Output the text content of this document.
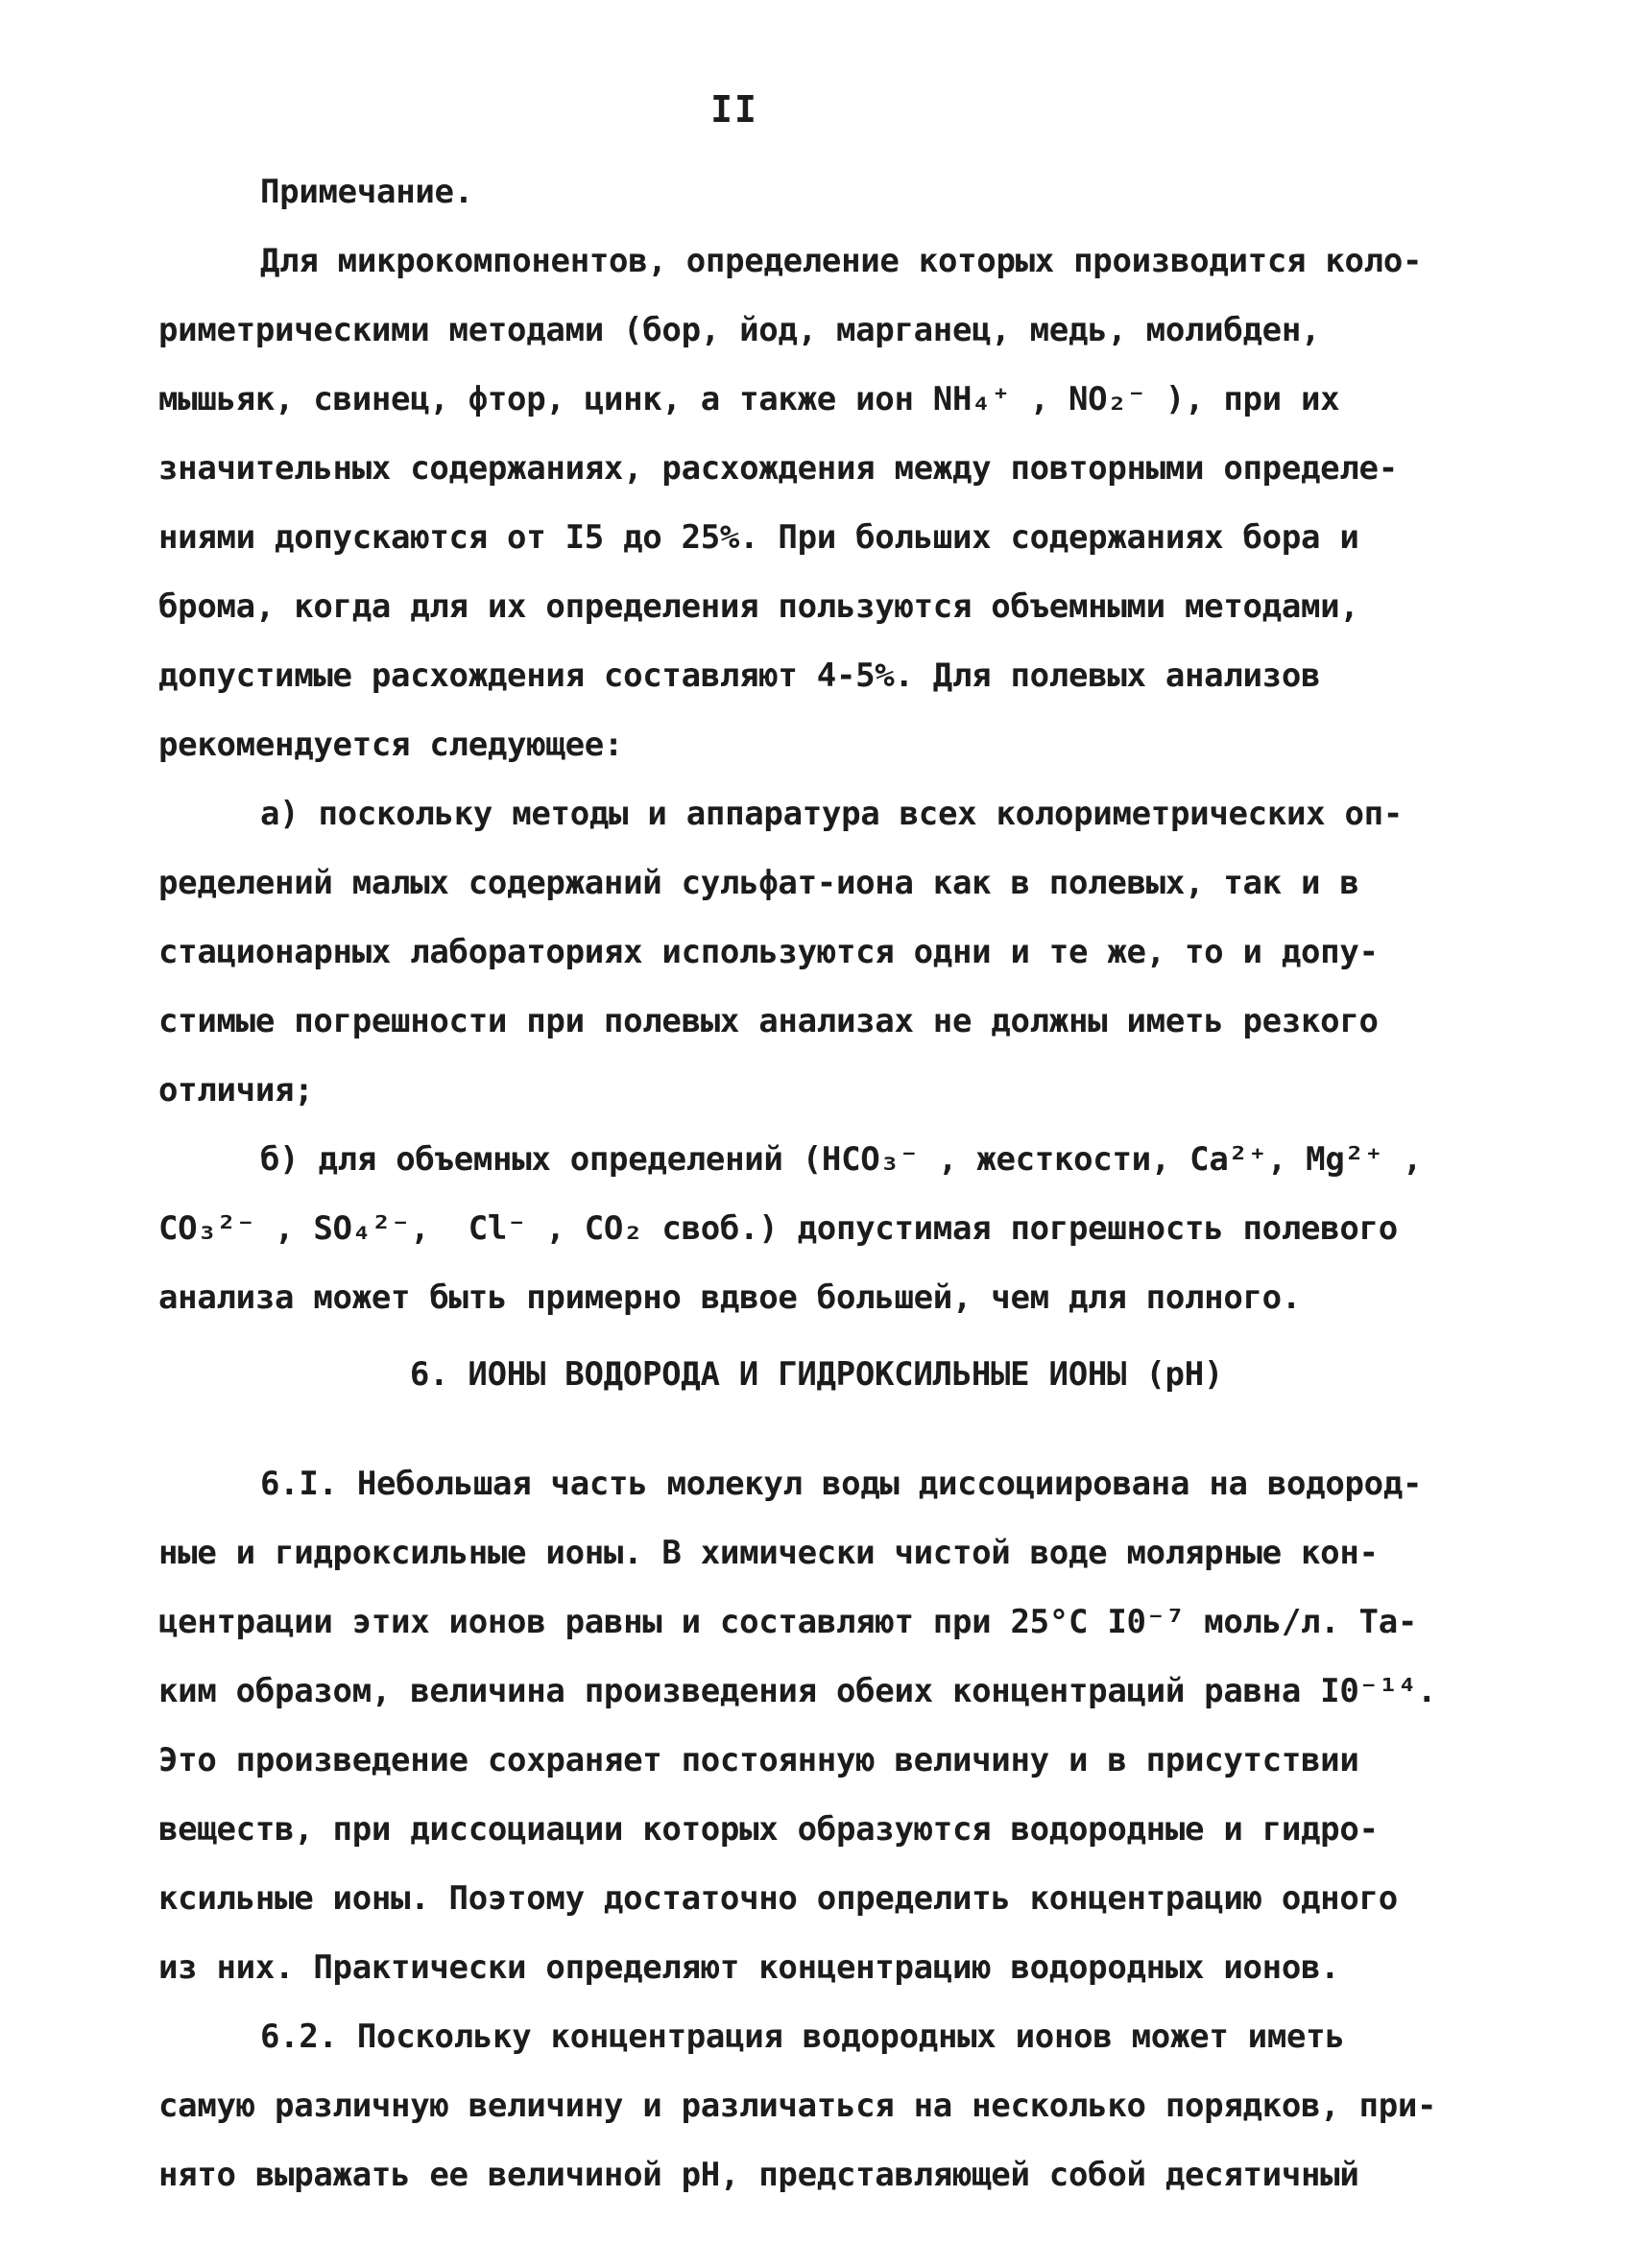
II
Примечание.
Для микрокомпонентов, определение которых производится коло-
риметрическими методами (бор, йод, марганец, медь, молибден,
мышьяк, свинец, фтор, цинк, а также ион NH₄⁺ , NO₂⁻ ), при их
значительных содержаниях, расхождения между повторными определе-
ниями допускаются от I5 до 25%. При больших содержаниях бора и
брома, когда для их определения пользуются объемными методами,
допустимые расхождения составляют 4-5%. Для полевых анализов
рекомендуется следующее:
а) поскольку методы и аппаратура всех колориметрических оп-
ределений малых содержаний сульфат-иона как в полевых, так и в
стационарных лабораториях используются одни и те же, то и допу-
стимые погрешности при полевых анализах не должны иметь резкого
отличия;
б) для объемных определений (HCO₃⁻ , жесткости, Ca²⁺, Mg²⁺ ,
CO₃²⁻ , SO₄²⁻,  Cl⁻ , CO₂ своб.) допустимая погрешность полевого
анализа может быть примерно вдвое большей, чем для полного.
6. ИОНЫ ВОДОРОДА И ГИДРОКСИЛЬНЫЕ ИОНЫ (pH)
6.I. Небольшая часть молекул воды диссоциирована на водород-
ные и гидроксильные ионы. В химически чистой воде молярные кон-
центрации этих ионов равны и составляют при 25°C I0⁻⁷ моль/л. Та-
ким образом, величина произведения обеих концентраций равна I0⁻¹⁴.
Это произведение сохраняет постоянную величину и в присутствии
веществ, при диссоциации которых образуются водородные и гидро-
ксильные ионы. Поэтому достаточно определить концентрацию одного
из них. Практически определяют концентрацию водородных ионов.
6.2. Поскольку концентрация водородных ионов может иметь
самую различную величину и различаться на несколько порядков, при-
нято выражать ее величиной pH, представляющей собой десятичный
